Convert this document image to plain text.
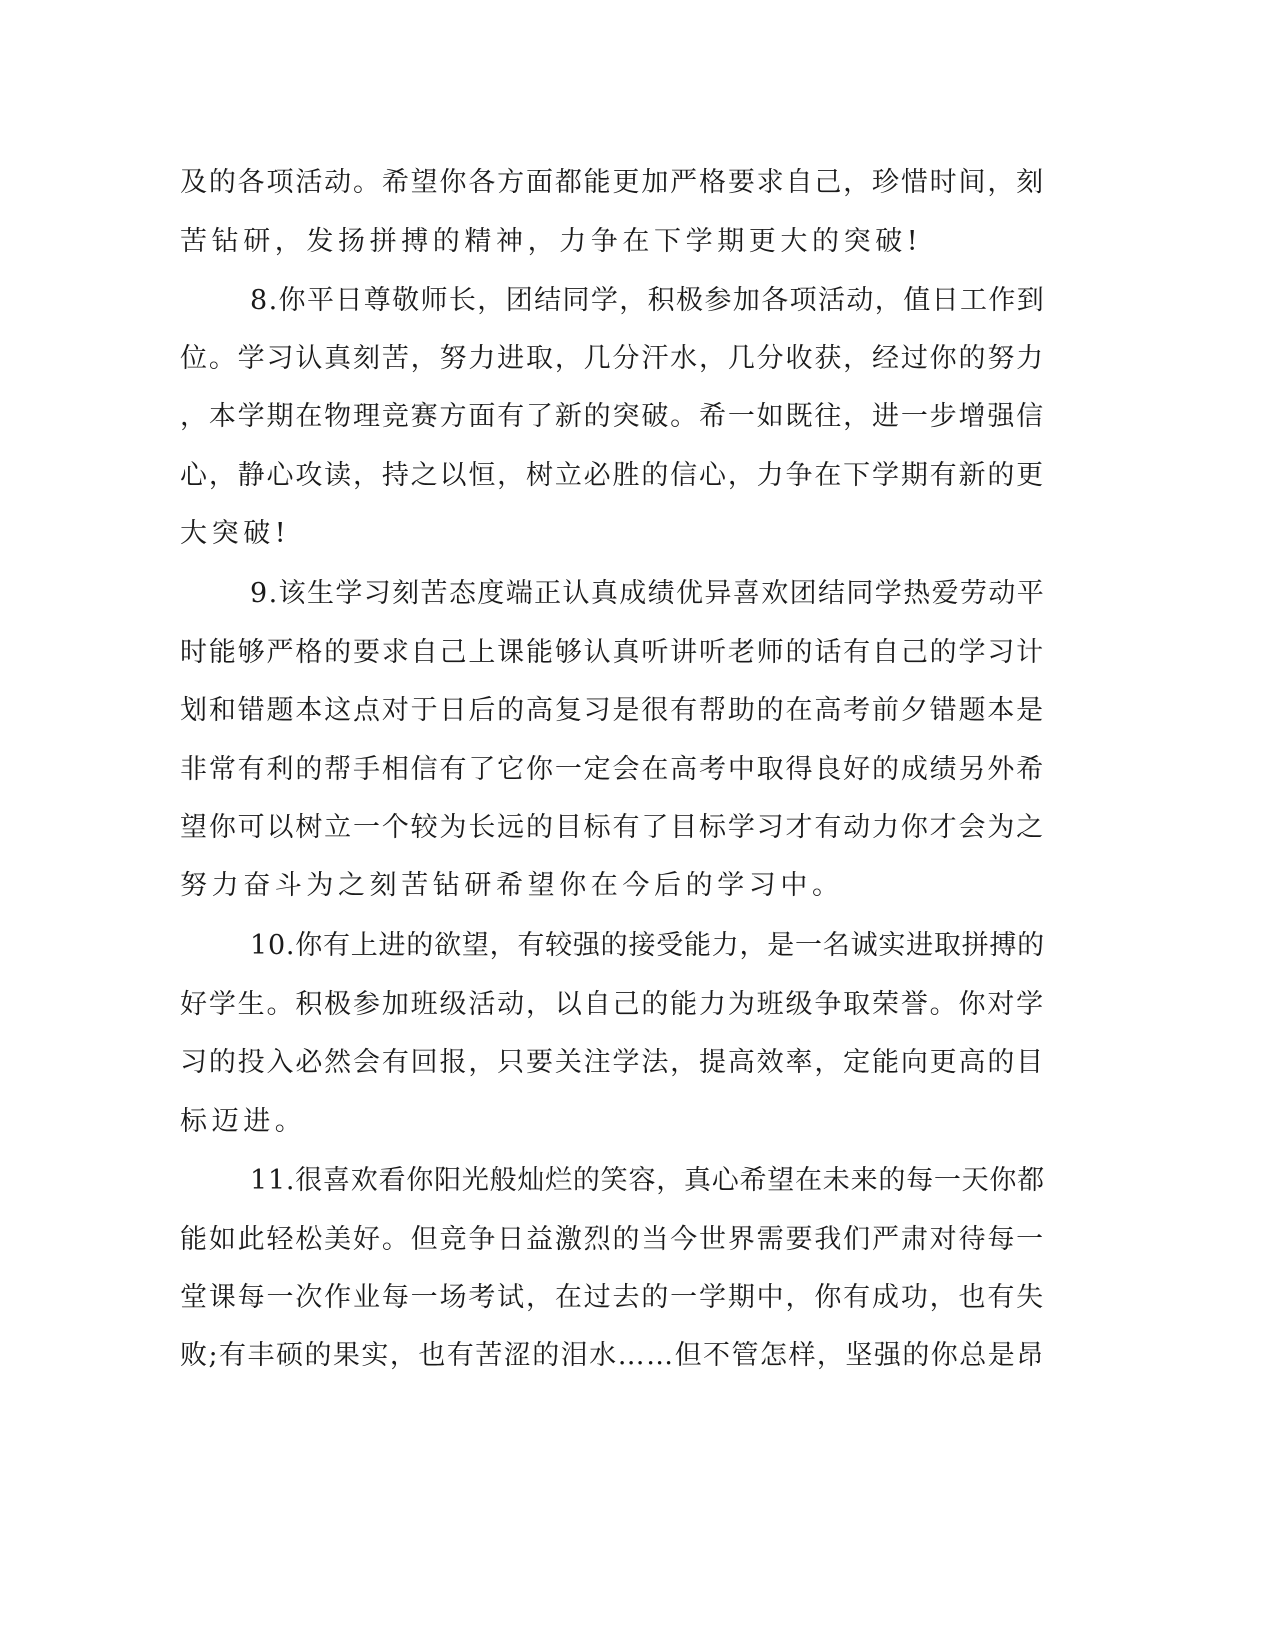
及的各项活动。希望你各方面都能更加严格要求自己，珍惜时间，刻
苦钻研，发扬拼搏的精神，力争在下学期更大的突破!
8.你平日尊敬师长，团结同学，积极参加各项活动，值日工作到
位。学习认真刻苦，努力进取，几分汗水，几分收获，经过你的努力
，本学期在物理竞赛方面有了新的突破。希一如既往，进一步增强信
心，静心攻读，持之以恒，树立必胜的信心，力争在下学期有新的更
大突破!
9.该生学习刻苦态度端正认真成绩优异喜欢团结同学热爱劳动平
时能够严格的要求自己上课能够认真听讲听老师的话有自己的学习计
划和错题本这点对于日后的高复习是很有帮助的在高考前夕错题本是
非常有利的帮手相信有了它你一定会在高考中取得良好的成绩另外希
望你可以树立一个较为长远的目标有了目标学习才有动力你才会为之
努力奋斗为之刻苦钻研希望你在今后的学习中。
10.你有上进的欲望，有较强的接受能力，是一名诚实进取拼搏的
好学生。积极参加班级活动，以自己的能力为班级争取荣誉。你对学
习的投入必然会有回报，只要关注学法，提高效率，定能向更高的目
标迈进。
11.很喜欢看你阳光般灿烂的笑容，真心希望在未来的每一天你都
能如此轻松美好。但竞争日益激烈的当今世界需要我们严肃对待每一
堂课每一次作业每一场考试，在过去的一学期中，你有成功，也有失
败;有丰硕的果实，也有苦涩的泪水……但不管怎样，坚强的你总是昂
